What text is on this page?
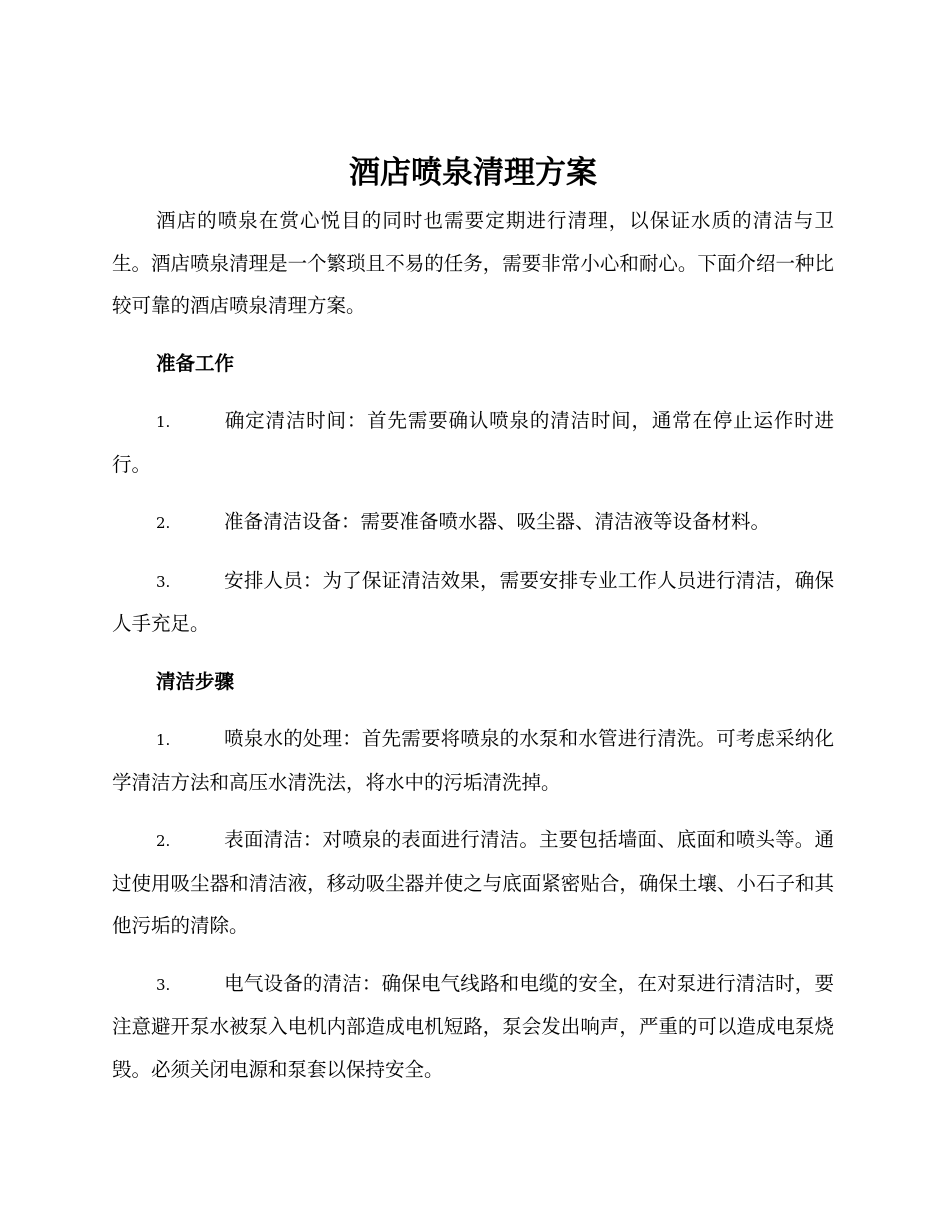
酒店喷泉清理方案

酒店的喷泉在赏心悦目的同时也需要定期进行清理，以保证水质的清洁与卫生。酒店喷泉清理是一个繁琐且不易的任务，需要非常小心和耐心。下面介绍一种比较可靠的酒店喷泉清理方案。

准备工作

1.	确定清洁时间：首先需要确认喷泉的清洁时间，通常在停止运作时进行。

2.	准备清洁设备：需要准备喷水器、吸尘器、清洁液等设备材料。

3.	安排人员：为了保证清洁效果，需要安排专业工作人员进行清洁，确保人手充足。

清洁步骤

1.	喷泉水的处理：首先需要将喷泉的水泵和水管进行清洗。可考虑采纳化学清洁方法和高压水清洗法，将水中的污垢清洗掉。

2.	表面清洁：对喷泉的表面进行清洁。主要包括墙面、底面和喷头等。通过使用吸尘器和清洁液，移动吸尘器并使之与底面紧密贴合，确保土壤、小石子和其他污垢的清除。

3.	电气设备的清洁：确保电气线路和电缆的安全，在对泵进行清洁时，要注意避开泵水被泵入电机内部造成电机短路，泵会发出响声，严重的可以造成电泵烧毁。必须关闭电源和泵套以保持安全。
